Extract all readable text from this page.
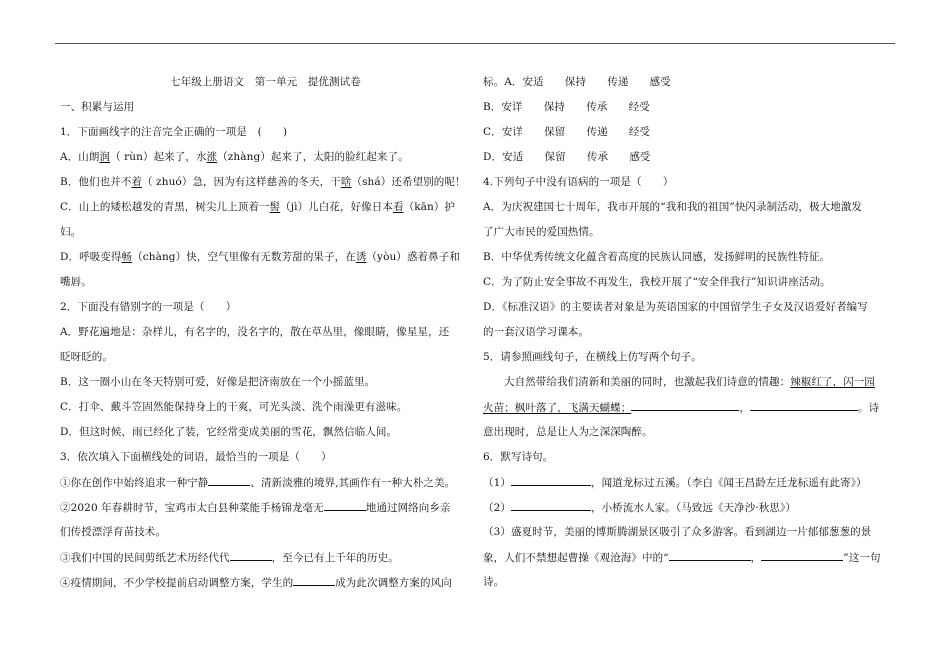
七年级上册语文　第一单元　提优测试卷
一、积累与运用
1．下面画线字的注音完全正确的一项是　(　　)
A．山朗润（ rùn）起来了，水涨（zhàng）起来了，太阳的脸红起来了。
B．他们也并不着（ zhuó）急，因为有这样慈善的冬天，干啥（shá）还希望别的呢！
C．山上的矮松越发的青黑，树尖儿上顶着一髻（jì）儿白花，好像日本看（kān）护
妇。
D．呼吸变得畅（chàng）快，空气里像有无数芳甜的果子，在诱（yòu）惑着鼻子和
嘴唇。
2．下面没有错别字的一项是（　　）
A．野花遍地是：杂样儿，有名字的，没名字的，散在草丛里，像眼睛，像星星，还
眨呀眨的。
B．这一圈小山在冬天特别可爱，好像是把济南放在一个小摇蓝里。
C．打伞、戴斗笠固然能保持身上的干爽，可光头淡、洗个雨澡更有滋味。
D．但这时候，雨已经化了装，它经常变成美丽的雪花，飘然信临人间。
3．依次填入下面横线处的词语，最恰当的一项是（　　）
①你在创作中始终追求一种宁静	、清新淡雅的境界,其画作有一种大朴之美。
②2020 年春耕时节，宝鸡市太白县种菜能手杨锦龙毫无	地通过网络向乡亲
们传授漂浮育苗技术。
③我们中国的民间剪纸艺术历经代代	，至今已有上千年的历史。
④疫情期间，不少学校提前启动调整方案，学生的	成为此次调整方案的风向
标。A．安适　　保持　　传递　　感受
B．安详　　保持　　传承　　经受
C．安详　　保留　　传递　　经受
D．安适　　保留　　传承　　感受
4.下列句子中没有语病的一项是（　　）
A．为庆祝建国七十周年，我市开展的“我和我的祖国”快闪录制活动，极大地激发
了广大市民的爱国热情。
B．中华优秀传统文化蕴含着高度的民族认同感，发扬鲜明的民族性特征。
C．为了防止安全事故不再发生，我校开展了“安全伴我行”知识讲座活动。
D．《标准汉语》的主要读者对象是为英语国家的中国留学生子女及汉语爱好者编写
的一套汉语学习课本。
5．请参照画线句子，在横线上仿写两个句子。
大自然带给我们清新和美丽的同时，也激起我们诗意的情趣：辣椒红了，闪一园
火苗；枫叶落了，飞满天蝴蝶；	，	。诗
意出现时，总是让人为之深深陶醉。
6．默写诗句。
（1）	，闻道龙标过五溪。（李白《闻王昌龄左迁龙标遥有此寄》）
（2）	，小桥流水人家。（马致远《天净沙·秋思》）
（3）盛夏时节，美丽的博斯腾湖景区吸引了众多游客。看到湖边一片郁郁葱葱的景
象，人们不禁想起曹操《观沧海》中的“	，	”这一句
诗。
